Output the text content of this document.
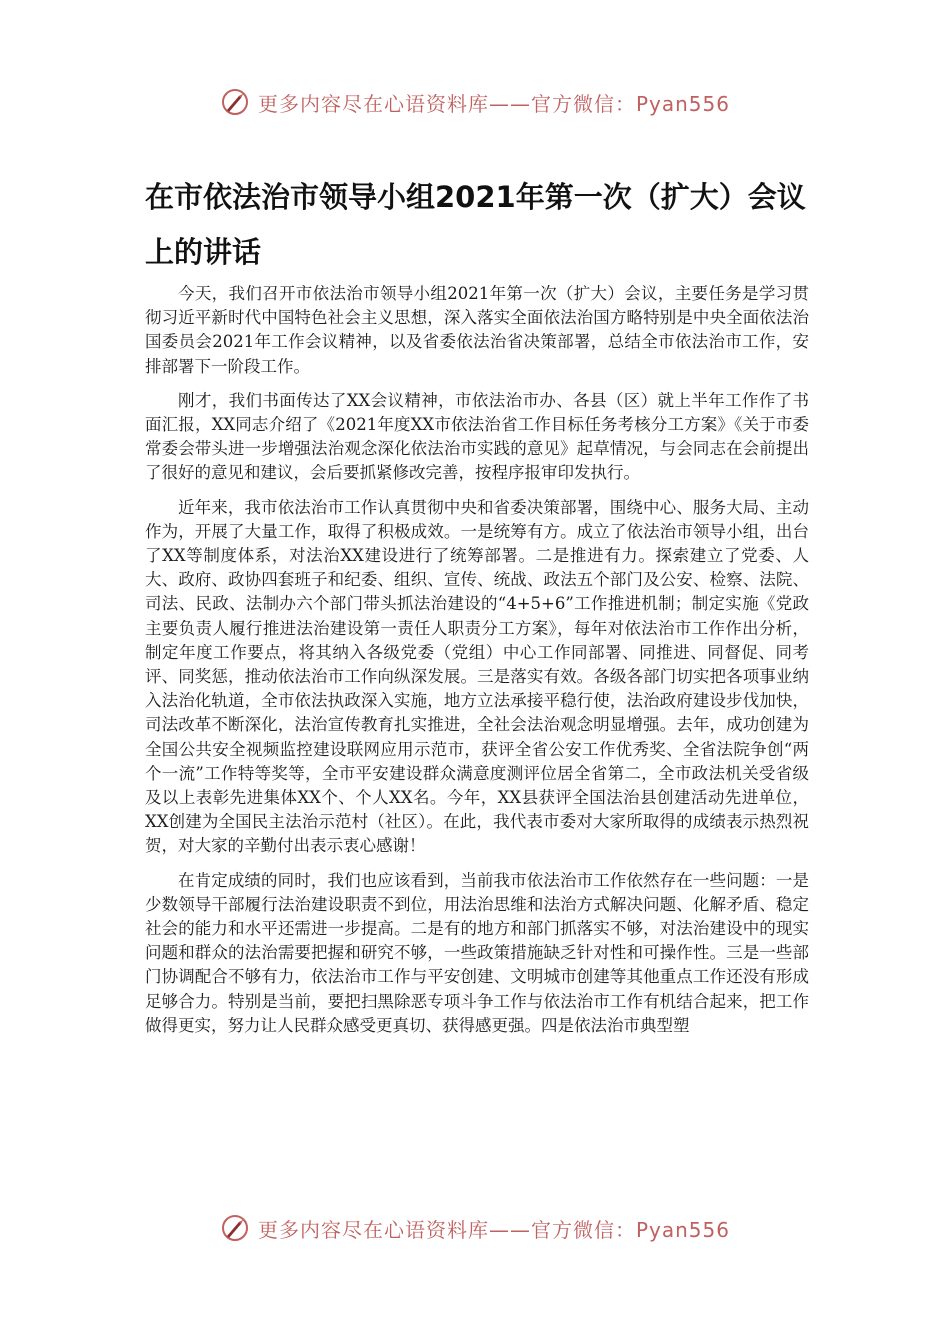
更多内容尽在心语资料库——官方微信：Pyan556
在市依法治市领导小组2021年第一次（扩大）会议上的讲话

今天，我们召开市依法治市领导小组2021年第一次（扩大）会议，主要任务是学习贯彻习近平新时代中国特色社会主义思想，深入落实全面依法治国方略特别是中央全面依法治国委员会2021年工作会议精神，以及省委依法治省决策部署，总结全市依法治市工作，安排部署下一阶段工作。

刚才，我们书面传达了XX会议精神，市依法治市办、各县（区）就上半年工作作了书面汇报，XX同志介绍了《2021年度XX市依法治省工作目标任务考核分工方案》《关于市委常委会带头进一步增强法治观念深化依法治市实践的意见》起草情况，与会同志在会前提出了很好的意见和建议，会后要抓紧修改完善，按程序报审印发执行。

近年来，我市依法治市工作认真贯彻中央和省委决策部署，围绕中心、服务大局、主动作为，开展了大量工作，取得了积极成效。一是统筹有方。成立了依法治市领导小组，出台了XX等制度体系，对法治XX建设进行了统筹部署。二是推进有力。探索建立了党委、人大、政府、政协四套班子和纪委、组织、宣传、统战、政法五个部门及公安、检察、法院、司法、民政、法制办六个部门带头抓法治建设的“4+5+6”工作推进机制；制定实施《党政主要负责人履行推进法治建设第一责任人职责分工方案》，每年对依法治市工作作出分析，制定年度工作要点，将其纳入各级党委（党组）中心工作同部署、同推进、同督促、同考评、同奖惩，推动依法治市工作向纵深发展。三是落实有效。各级各部门切实把各项事业纳入法治化轨道，全市依法执政深入实施，地方立法承接平稳行使，法治政府建设步伐加快，司法改革不断深化，法治宣传教育扎实推进，全社会法治观念明显增强。去年，成功创建为全国公共安全视频监控建设联网应用示范市，获评全省公安工作优秀奖、全省法院争创“两个一流”工作特等奖等，全市平安建设群众满意度测评位居全省第二，全市政法机关受省级及以上表彰先进集体XX个、个人XX名。今年，XX县获评全国法治县创建活动先进单位，XX创建为全国民主法治示范村（社区）。在此，我代表市委对大家所取得的成绩表示热烈祝贺，对大家的辛勤付出表示衷心感谢！

在肯定成绩的同时，我们也应该看到，当前我市依法治市工作依然存在一些问题：一是少数领导干部履行法治建设职责不到位，用法治思维和法治方式解决问题、化解矛盾、稳定社会的能力和水平还需进一步提高。二是有的地方和部门抓落实不够，对法治建设中的现实问题和群众的法治需要把握和研究不够，一些政策措施缺乏针对性和可操作性。三是一些部门协调配合不够有力，依法治市工作与平安创建、文明城市创建等其他重点工作还没有形成足够合力。特别是当前，要把扫黑除恶专项斗争工作与依法治市工作有机结合起来，把工作做得更实，努力让人民群众感受更真切、获得感更强。四是依法治市典型塑

更多内容尽在心语资料库——官方微信：Pyan556
